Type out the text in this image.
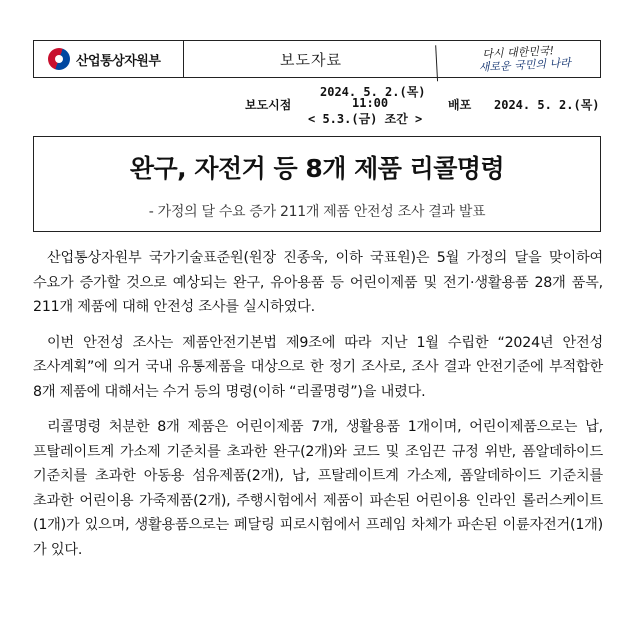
산업통상자원부	보도자료	다시 대한민국!
새로운 국민의 나라
보도시점
2024. 5. 2.(목)
11:00
< 5.3.(금) 조간 >
배포 2024. 5. 2.(목)
완구, 자전거 등 8개 제품 리콜명령
- 가정의 달 수요 증가 211개 제품 안전성 조사 결과 발표

산업통상자원부 국가기술표준원(원장 진종욱, 이하 국표원)은 5월 가정의 달을 맞이하여 수요가 증가할 것으로 예상되는 완구, 유아용품 등 어린이제품 및 전기·생활용품 28개 품목, 211개 제품에 대해 안전성 조사를 실시하였다.

이번 안전성 조사는 제품안전기본법 제9조에 따라 지난 1월 수립한 “2024년 안전성 조사계획”에 의거 국내 유통제품을 대상으로 한 정기 조사로, 조사 결과 안전기준에 부적합한 8개 제품에 대해서는 수거 등의 명령(이하 “리콜명령”)을 내렸다.

리콜명령 처분한 8개 제품은 어린이제품 7개, 생활용품 1개이며, 어린이제품으로는 납, 프탈레이트계 가소제 기준치를 초과한 완구(2개)와 코드 및 조임끈 규정 위반, 폼알데하이드 기준치를 초과한 아동용 섬유제품(2개), 납, 프탈레이트계 가소제, 폼알데하이드 기준치를 초과한 어린이용 가죽제품(2개), 주행시험에서 제품이 파손된 어린이용 인라인 롤러스케이트(1개)가 있으며, 생활용품으로는 페달링 피로시험에서 프레임 차체가 파손된 이륜자전거(1개)가 있다.
